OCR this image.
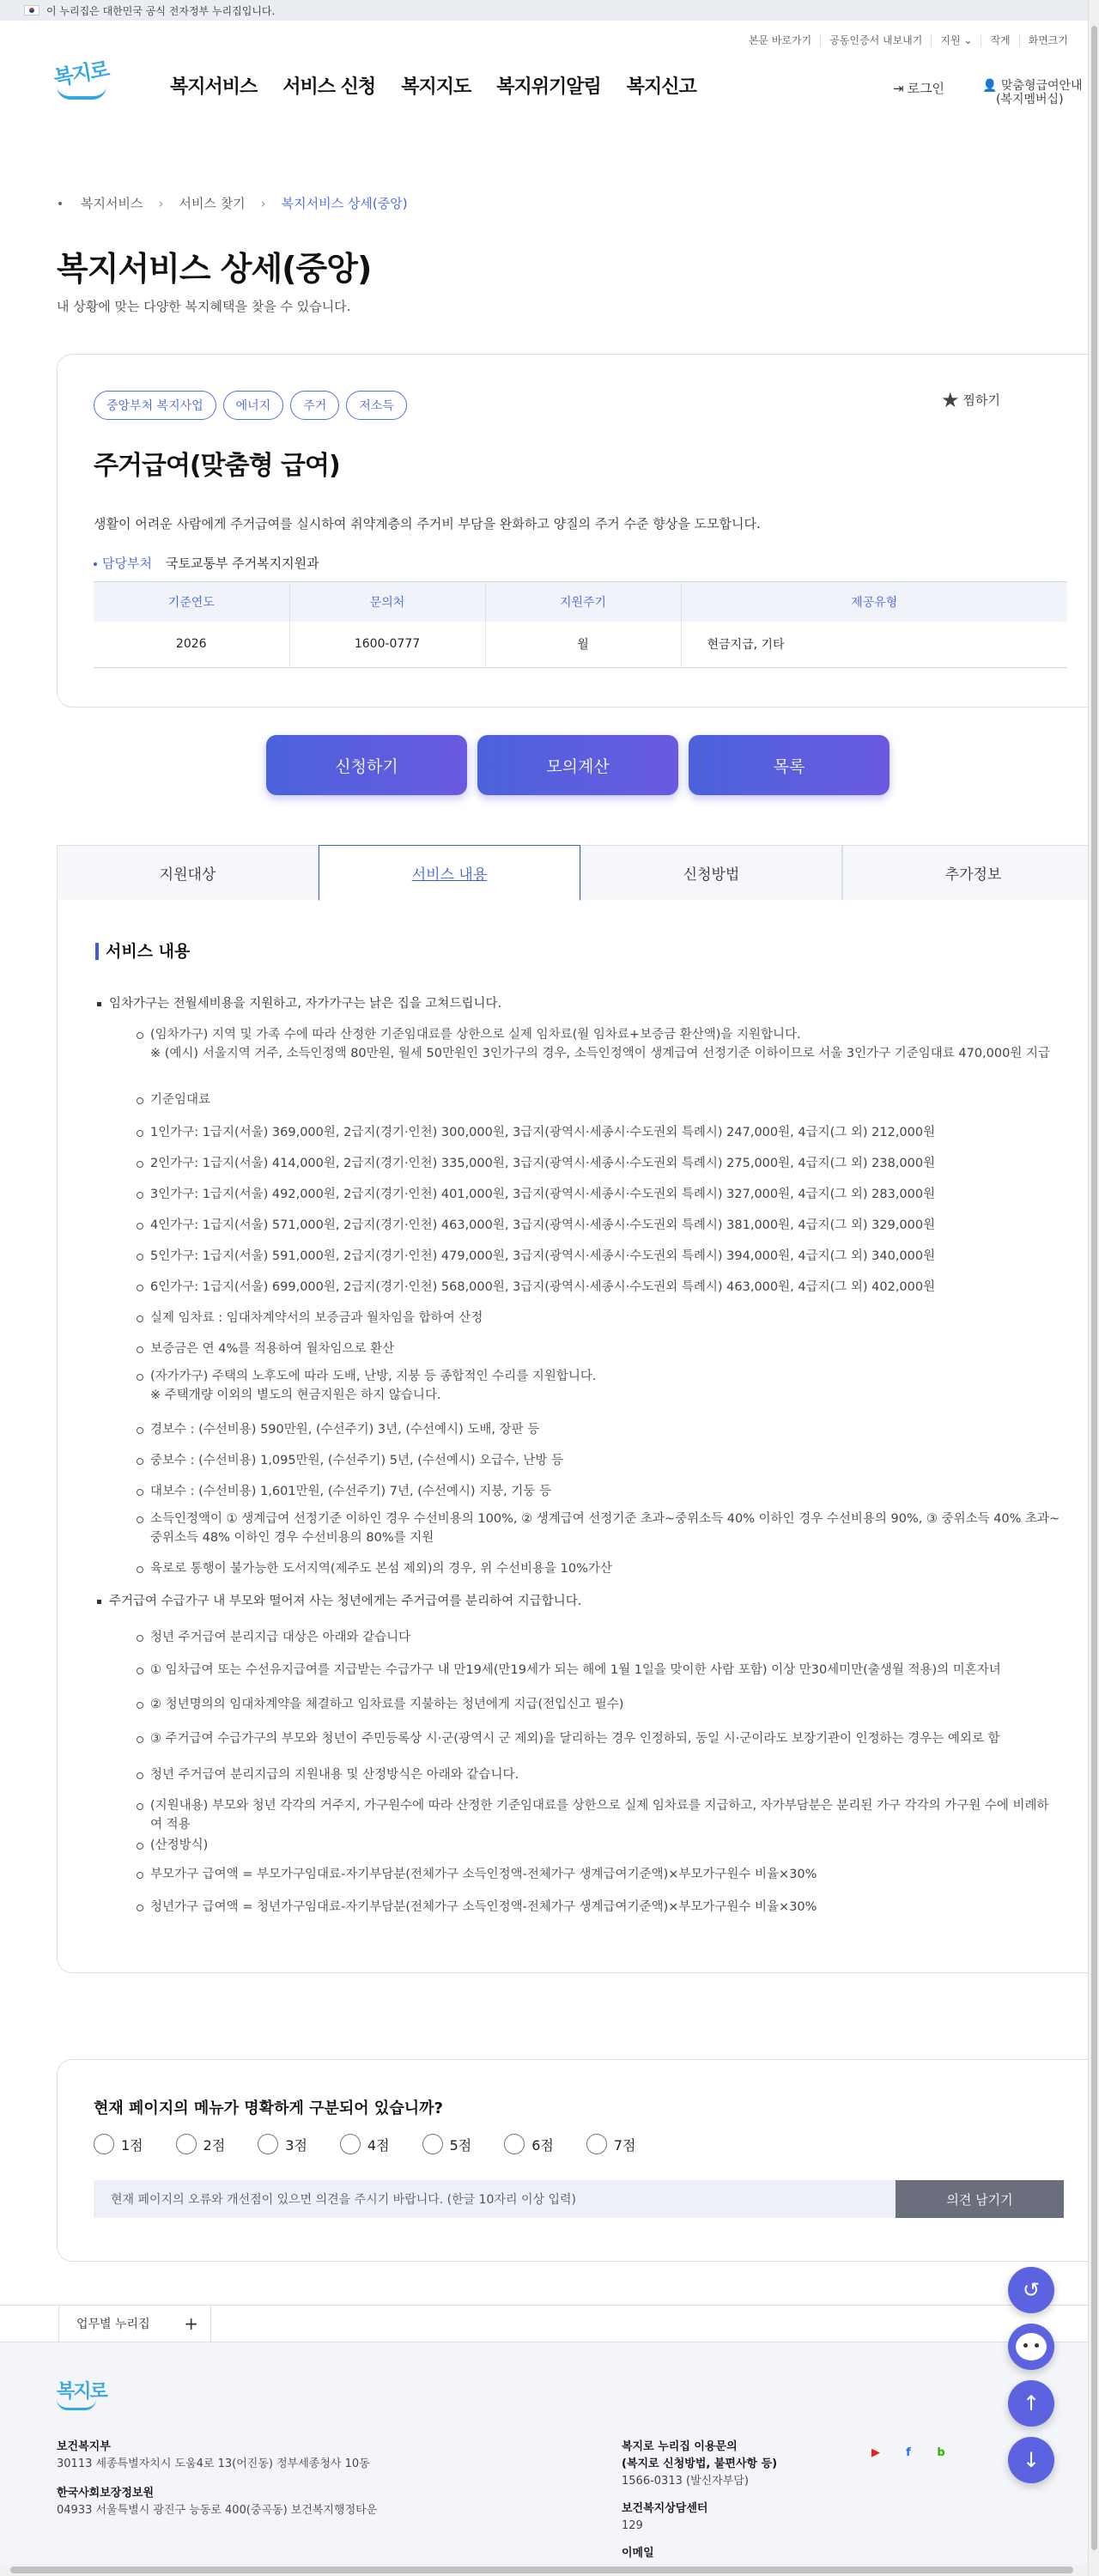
이 누리집은 대한민국 공식 전자정부 누리집입니다.
본문 바로가기	공동인증서 내보내기	지원 ⌄	작게	화면크기
복지로	복지서비스 서비스 신청 복지지도 복지위기알림 복지신고	⇥ 로그인	👤 맞춤형급여안내
(복지멤버십)
복지서비스 › 서비스 찾기 › 복지서비스 상세(중앙)
복지서비스 상세(중앙)

내 상황에 맞는 다양한 복지혜택을 찾을 수 있습니다.

중앙부처 복지사업	에너지	주거	저소득	★ 찜하기
주거급여(맞춤형 급여)

생활이 어려운 사람에게 주거급여를 실시하여 취약계층의 주거비 부담을 완화하고 양질의 주거 수준 향상을 도모합니다.

담당부처 국토교통부 주거복지지원과
기준연도	문의처	지원주기	제공유형
2026	1600-0777	월	현금지급, 기타
신청하기	모의계산	목록
지원대상	서비스 내용	신청방법	추가정보
서비스 내용
임차가구는 전월세비용을 지원하고, 자가가구는 낡은 집을 고쳐드립니다.
(임차가구) 지역 및 가족 수에 따라 산정한 기준임대료를 상한으로 실제 임차료(월 임차료+보증금 환산액)을 지원합니다.
※ (예시) 서울지역 거주, 소득인정액 80만원, 월세 50만원인 3인가구의 경우, 소득인정액이 생계급여 선정기준 이하이므로 서울 3인가구 기준임대료 470,000원 지급
기준임대료
1인가구: 1급지(서울) 369,000원, 2급지(경기·인천) 300,000원, 3급지(광역시·세종시·수도권외 특례시) 247,000원, 4급지(그 외) 212,000원
2인가구: 1급지(서울) 414,000원, 2급지(경기·인천) 335,000원, 3급지(광역시·세종시·수도권외 특례시) 275,000원, 4급지(그 외) 238,000원
3인가구: 1급지(서울) 492,000원, 2급지(경기·인천) 401,000원, 3급지(광역시·세종시·수도권외 특례시) 327,000원, 4급지(그 외) 283,000원
4인가구: 1급지(서울) 571,000원, 2급지(경기·인천) 463,000원, 3급지(광역시·세종시·수도권외 특례시) 381,000원, 4급지(그 외) 329,000원
5인가구: 1급지(서울) 591,000원, 2급지(경기·인천) 479,000원, 3급지(광역시·세종시·수도권외 특례시) 394,000원, 4급지(그 외) 340,000원
6인가구: 1급지(서울) 699,000원, 2급지(경기·인천) 568,000원, 3급지(광역시·세종시·수도권외 특례시) 463,000원, 4급지(그 외) 402,000원
실제 임차료 : 임대차계약서의 보증금과 월차임을 합하여 산정
보증금은 연 4%를 적용하여 월차임으로 환산
(자가가구) 주택의 노후도에 따라 도배, 난방, 지붕 등 종합적인 수리를 지원합니다.
※ 주택개량 이외의 별도의 현금지원은 하지 않습니다.
경보수 : (수선비용) 590만원, (수선주기) 3년, (수선예시) 도배, 장판 등
중보수 : (수선비용) 1,095만원, (수선주기) 5년, (수선예시) 오급수, 난방 등
대보수 : (수선비용) 1,601만원, (수선주기) 7년, (수선예시) 지붕, 기둥 등
소득인정액이 ① 생계급여 선정기준 이하인 경우 수선비용의 100%, ② 생계급여 선정기준 초과~중위소득 40% 이하인 경우 수선비용의 90%, ③ 중위소득 40% 초과~
중위소득 48% 이하인 경우 수선비용의 80%를 지원
육로로 통행이 불가능한 도서지역(제주도 본섬 제외)의 경우, 위 수선비용을 10%가산
주거급여 수급가구 내 부모와 떨어져 사는 청년에게는 주거급여를 분리하여 지급합니다.
청년 주거급여 분리지급 대상은 아래와 같습니다
① 임차급여 또는 수선유지급여를 지급받는 수급가구 내 만19세(만19세가 되는 해에 1월 1일을 맞이한 사람 포함) 이상 만30세미만(출생월 적용)의 미혼자녀
② 청년명의의 임대차계약을 체결하고 임차료를 지불하는 청년에게 지급(전입신고 필수)
③ 주거급여 수급가구의 부모와 청년이 주민등록상 시·군(광역시 군 제외)을 달리하는 경우 인정하되, 동일 시·군이라도 보장기관이 인정하는 경우는 예외로 함
청년 주거급여 분리지급의 지원내용 및 산정방식은 아래와 같습니다.
(지원내용) 부모와 청년 각각의 거주지, 가구원수에 따라 산정한 기준임대료를 상한으로 실제 임차료를 지급하고, 자가부담분은 분리된 가구 각각의 가구원 수에 비례하
여 적용
(산정방식)
부모가구 급여액 = 부모가구임대료-자기부담분(전체가구 소득인정액-전체가구 생계급여기준액)×부모가구원수 비율×30%
청년가구 급여액 = 청년가구임대료-자기부담분(전체가구 소득인정액-전체가구 생계급여기준액)×부모가구원수 비율×30%
현재 페이지의 메뉴가 명확하게 구분되어 있습니까?
1점	2점	3점	4점	5점	6점	7점
현재 페이지의 오류와 개선점이 있으면 의견을 주시기 바랍니다. (한글 10자리 이상 입력)	의견 남기기
업무별 누리집 +
복지로
보건복지부
30113 세종특별자치시 도움4로 13(어진동) 정부세종청사 10동
한국사회보장정보원
04933 서울특별시 광진구 능동로 400(중곡동) 보건복지행정타운
복지로 누리집 이용문의
(복지로 신청방법, 불편사항 등)
1566-0313 (발신자부담)
보건복지상담센터
129
이메일
▶	f	b
↺
↑
↓
